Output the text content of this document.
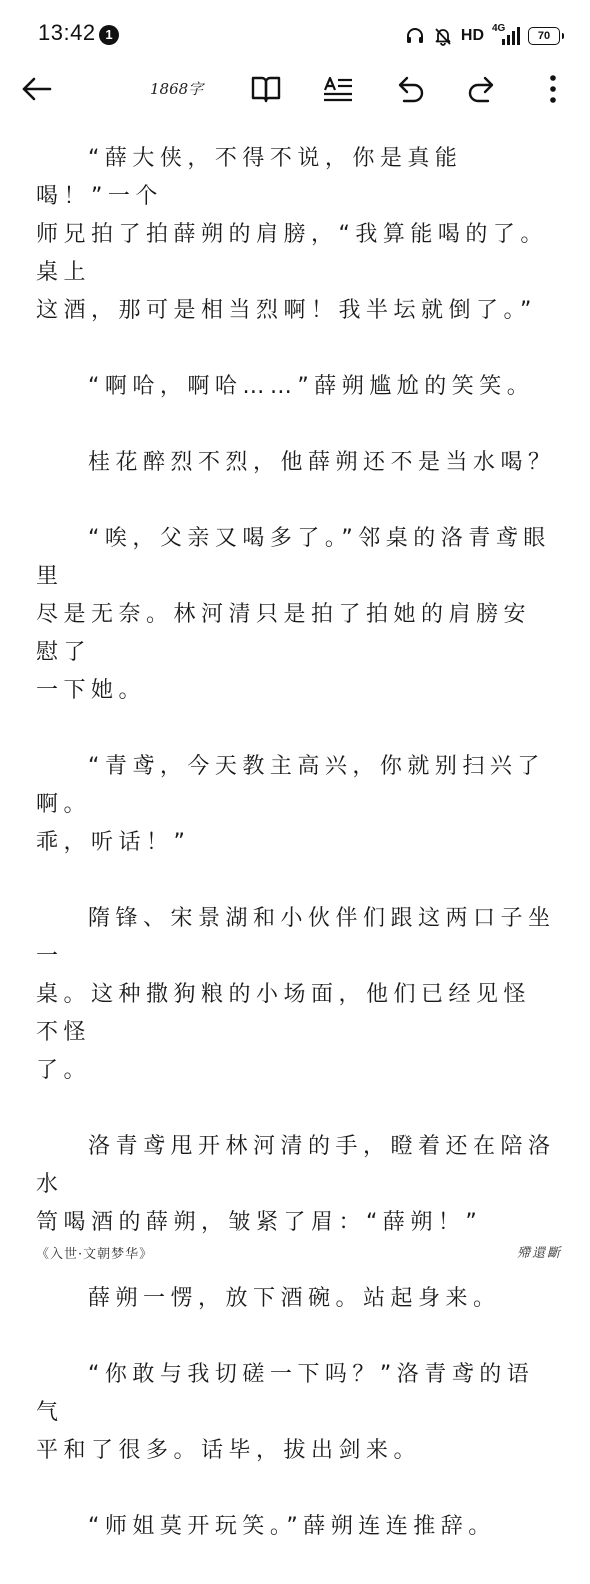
13:42 1	HD 4G
70
1868字
“薛大侠，不得不说，你是真能喝！”一个
师兄拍了拍薛朔的肩膀，“我算能喝的了。桌上
这酒，那可是相当烈啊！我半坛就倒了。”
“啊哈，啊哈……”薛朔尴尬的笑笑。
桂花醉烈不烈，他薛朔还不是当水喝？
“唉，父亲又喝多了。”邻桌的洛青鸢眼里
尽是无奈。林河清只是拍了拍她的肩膀安慰了
一下她。
“青鸢，今天教主高兴，你就别扫兴了啊。
乖，听话！”
隋锋、宋景湖和小伙伴们跟这两口子坐一
桌。这种撒狗粮的小场面，他们已经见怪不怪
了。
洛青鸢甩开林河清的手，瞪着还在陪洛水
笥喝酒的薛朔，皱紧了眉：“薛朔！”
薛朔一愣，放下酒碗。站起身来。
“你敢与我切磋一下吗？”洛青鸢的语气
平和了很多。话毕，拔出剑来。
“师姐莫开玩笑。”薛朔连连推辞。
《入世·文朝梦华》	殢還斷
